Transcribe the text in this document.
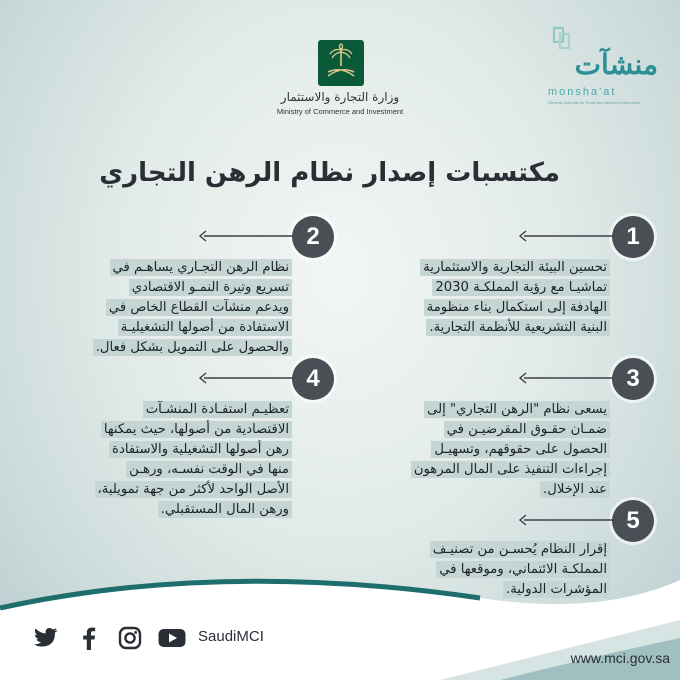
وزارة التجارة والاستثمار
Ministry of Commerce and Investment
منشآت
monsha'at
General Authority for Small and Medium Enterprises
مكتسبات إصدار نظام الرهن التجاري
1
تحسين البيئة التجارية والاستثمارية
تماشيـا مع رؤية المملكـة 2030
الهادفة إلى استكمال بناء منظومة
البنية التشريعية للأنظمة التجارية.
2
نظام الرهن التجـاري يساهـم في
تسريع وتيرة النمـو الاقتصادي
ويدعم منشآت القطاع الخاص في
الاستفادة من أصولها التشغيليـة
والحصول على التمويل بشكل فعال.
3
يسعى نظام "الرهن التجاري" إلى
ضمـان حقـوق المقرضيـن في
الحصول على حقوقهم، وتسهيـل
إجراءات التنفيذ على المال المرهون
عند الإخلال.
4
تعظيـم استفـادة المنشـآت
الاقتصادية من أصولها، حيث يمكنها
رهن أصولها التشغيلية والاستفادة
منها في الوقت نفسـه، ورهـن
الأصل الواحد لأكثر من جهة تمويلية،
ورهن المال المستقبلي.	5
إقرار النظام يُحسـن من تصنيـف
المملكـة الائتماني، وموقعها في
المؤشرات الدولية.
SaudiMCI
www.mci.gov.sa
